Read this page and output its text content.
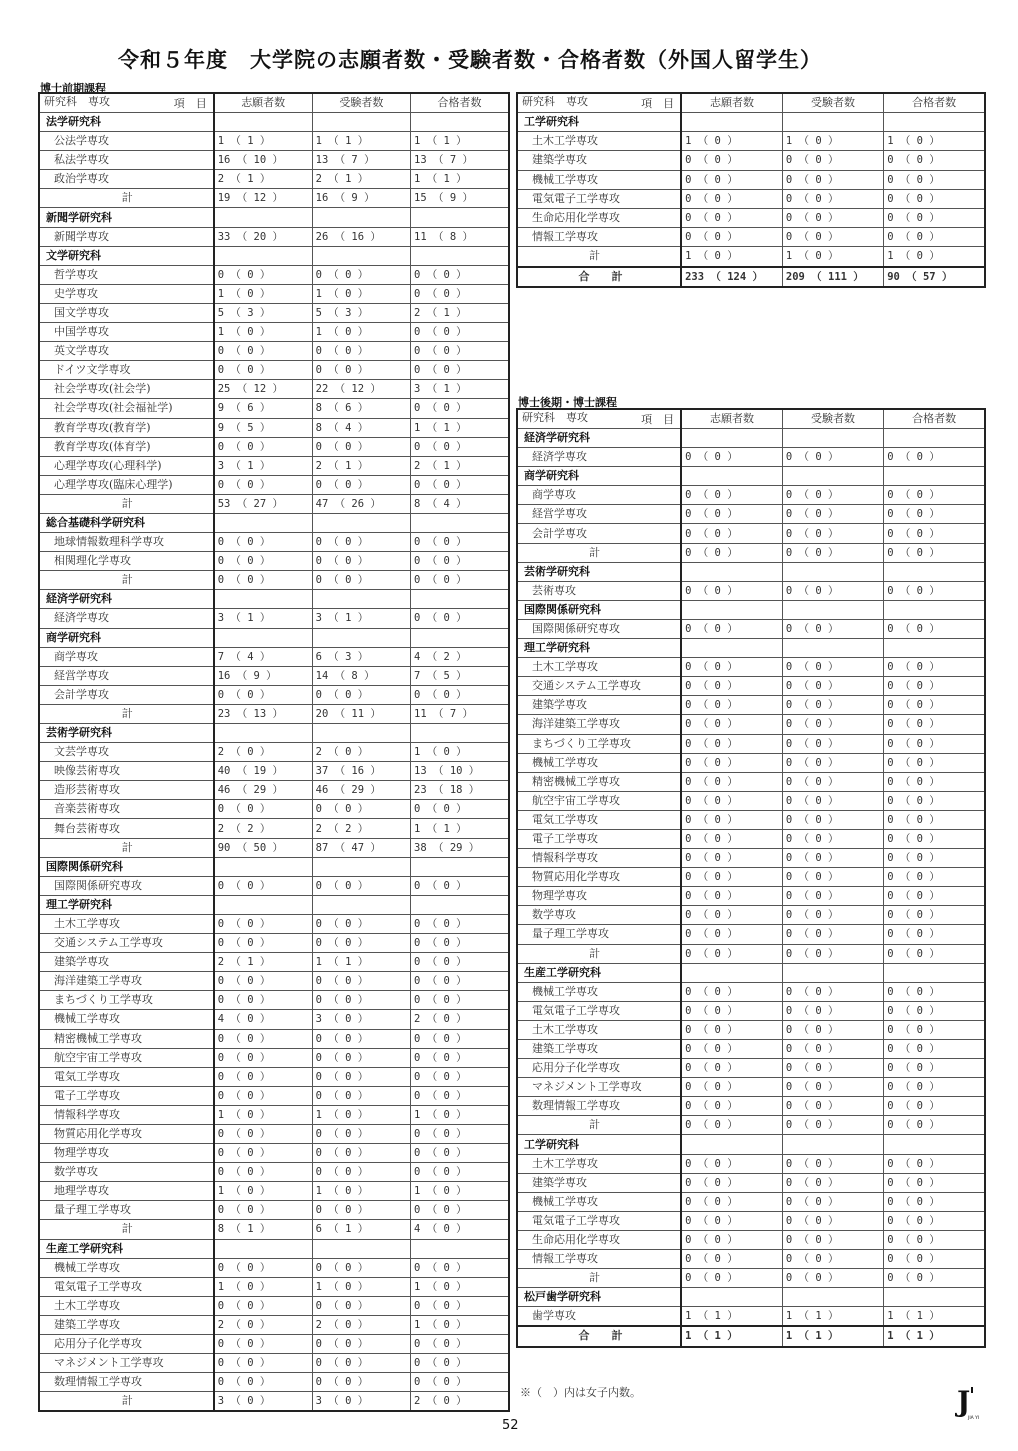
令和５年度　大学院の志願者数・受験者数・合格者数（外国人留学生）
博士前期課程
項　目
研究科　専攻	志願者数	受験者数	合格者数
法学研究科			
公法学専攻	1 （ 1 ）	1 （ 1 ）	1 （ 1 ）
私法学専攻	16 （ 10 ）	13 （ 7 ）	13 （ 7 ）
政治学専攻	2 （ 1 ）	2 （ 1 ）	1 （ 1 ）
計	19 （ 12 ）	16 （ 9 ）	15 （ 9 ）
新聞学研究科			
新聞学専攻	33 （ 20 ）	26 （ 16 ）	11 （ 8 ）
文学研究科			
哲学専攻	0 （ 0 ）	0 （ 0 ）	0 （ 0 ）
史学専攻	1 （ 0 ）	1 （ 0 ）	0 （ 0 ）
国文学専攻	5 （ 3 ）	5 （ 3 ）	2 （ 1 ）
中国学専攻	1 （ 0 ）	1 （ 0 ）	0 （ 0 ）
英文学専攻	0 （ 0 ）	0 （ 0 ）	0 （ 0 ）
ドイツ文学専攻	0 （ 0 ）	0 （ 0 ）	0 （ 0 ）
社会学専攻(社会学)	25 （ 12 ）	22 （ 12 ）	3 （ 1 ）
社会学専攻(社会福祉学)	9 （ 6 ）	8 （ 6 ）	0 （ 0 ）
教育学専攻(教育学)	9 （ 5 ）	8 （ 4 ）	1 （ 1 ）
教育学専攻(体育学)	0 （ 0 ）	0 （ 0 ）	0 （ 0 ）
心理学専攻(心理科学)	3 （ 1 ）	2 （ 1 ）	2 （ 1 ）
心理学専攻(臨床心理学)	0 （ 0 ）	0 （ 0 ）	0 （ 0 ）
計	53 （ 27 ）	47 （ 26 ）	8 （ 4 ）
総合基礎科学研究科			
地球情報数理科学専攻	0 （ 0 ）	0 （ 0 ）	0 （ 0 ）
相関理化学専攻	0 （ 0 ）	0 （ 0 ）	0 （ 0 ）
計	0 （ 0 ）	0 （ 0 ）	0 （ 0 ）
経済学研究科			
経済学専攻	3 （ 1 ）	3 （ 1 ）	0 （ 0 ）
商学研究科			
商学専攻	7 （ 4 ）	6 （ 3 ）	4 （ 2 ）
経営学専攻	16 （ 9 ）	14 （ 8 ）	7 （ 5 ）
会計学専攻	0 （ 0 ）	0 （ 0 ）	0 （ 0 ）
計	23 （ 13 ）	20 （ 11 ）	11 （ 7 ）
芸術学研究科			
文芸学専攻	2 （ 0 ）	2 （ 0 ）	1 （ 0 ）
映像芸術専攻	40 （ 19 ）	37 （ 16 ）	13 （ 10 ）
造形芸術専攻	46 （ 29 ）	46 （ 29 ）	23 （ 18 ）
音楽芸術専攻	0 （ 0 ）	0 （ 0 ）	0 （ 0 ）
舞台芸術専攻	2 （ 2 ）	2 （ 2 ）	1 （ 1 ）
計	90 （ 50 ）	87 （ 47 ）	38 （ 29 ）
国際関係研究科			
国際関係研究専攻	0 （ 0 ）	0 （ 0 ）	0 （ 0 ）
理工学研究科			
土木工学専攻	0 （ 0 ）	0 （ 0 ）	0 （ 0 ）
交通システム工学専攻	0 （ 0 ）	0 （ 0 ）	0 （ 0 ）
建築学専攻	2 （ 1 ）	1 （ 1 ）	0 （ 0 ）
海洋建築工学専攻	0 （ 0 ）	0 （ 0 ）	0 （ 0 ）
まちづくり工学専攻	0 （ 0 ）	0 （ 0 ）	0 （ 0 ）
機械工学専攻	4 （ 0 ）	3 （ 0 ）	2 （ 0 ）
精密機械工学専攻	0 （ 0 ）	0 （ 0 ）	0 （ 0 ）
航空宇宙工学専攻	0 （ 0 ）	0 （ 0 ）	0 （ 0 ）
電気工学専攻	0 （ 0 ）	0 （ 0 ）	0 （ 0 ）
電子工学専攻	0 （ 0 ）	0 （ 0 ）	0 （ 0 ）
情報科学専攻	1 （ 0 ）	1 （ 0 ）	1 （ 0 ）
物質応用化学専攻	0 （ 0 ）	0 （ 0 ）	0 （ 0 ）
物理学専攻	0 （ 0 ）	0 （ 0 ）	0 （ 0 ）
数学専攻	0 （ 0 ）	0 （ 0 ）	0 （ 0 ）
地理学専攻	1 （ 0 ）	1 （ 0 ）	1 （ 0 ）
量子理工学専攻	0 （ 0 ）	0 （ 0 ）	0 （ 0 ）
計	8 （ 1 ）	6 （ 1 ）	4 （ 0 ）
生産工学研究科			
機械工学専攻	0 （ 0 ）	0 （ 0 ）	0 （ 0 ）
電気電子工学専攻	1 （ 0 ）	1 （ 0 ）	1 （ 0 ）
土木工学専攻	0 （ 0 ）	0 （ 0 ）	0 （ 0 ）
建築工学専攻	2 （ 0 ）	2 （ 0 ）	1 （ 0 ）
応用分子化学専攻	0 （ 0 ）	0 （ 0 ）	0 （ 0 ）
マネジメント工学専攻	0 （ 0 ）	0 （ 0 ）	0 （ 0 ）
数理情報工学専攻	0 （ 0 ）	0 （ 0 ）	0 （ 0 ）
計	3 （ 0 ）	3 （ 0 ）	2 （ 0 ）
項　目
研究科　専攻	志願者数	受験者数	合格者数
工学研究科			
土木工学専攻	1 （ 0 ）	1 （ 0 ）	1 （ 0 ）
建築学専攻	0 （ 0 ）	0 （ 0 ）	0 （ 0 ）
機械工学専攻	0 （ 0 ）	0 （ 0 ）	0 （ 0 ）
電気電子工学専攻	0 （ 0 ）	0 （ 0 ）	0 （ 0 ）
生命応用化学専攻	0 （ 0 ）	0 （ 0 ）	0 （ 0 ）
情報工学専攻	0 （ 0 ）	0 （ 0 ）	0 （ 0 ）
計	1 （ 0 ）	1 （ 0 ）	1 （ 0 ）
合　　計	233 （ 124 ）	209 （ 111 ）	90 （ 57 ）
博士後期・博士課程
項　目
研究科　専攻	志願者数	受験者数	合格者数
経済学研究科			
経済学専攻	0 （ 0 ）	0 （ 0 ）	0 （ 0 ）
商学研究科			
商学専攻	0 （ 0 ）	0 （ 0 ）	0 （ 0 ）
経営学専攻	0 （ 0 ）	0 （ 0 ）	0 （ 0 ）
会計学専攻	0 （ 0 ）	0 （ 0 ）	0 （ 0 ）
計	0 （ 0 ）	0 （ 0 ）	0 （ 0 ）
芸術学研究科			
芸術専攻	0 （ 0 ）	0 （ 0 ）	0 （ 0 ）
国際関係研究科			
国際関係研究専攻	0 （ 0 ）	0 （ 0 ）	0 （ 0 ）
理工学研究科			
土木工学専攻	0 （ 0 ）	0 （ 0 ）	0 （ 0 ）
交通システム工学専攻	0 （ 0 ）	0 （ 0 ）	0 （ 0 ）
建築学専攻	0 （ 0 ）	0 （ 0 ）	0 （ 0 ）
海洋建築工学専攻	0 （ 0 ）	0 （ 0 ）	0 （ 0 ）
まちづくり工学専攻	0 （ 0 ）	0 （ 0 ）	0 （ 0 ）
機械工学専攻	0 （ 0 ）	0 （ 0 ）	0 （ 0 ）
精密機械工学専攻	0 （ 0 ）	0 （ 0 ）	0 （ 0 ）
航空宇宙工学専攻	0 （ 0 ）	0 （ 0 ）	0 （ 0 ）
電気工学専攻	0 （ 0 ）	0 （ 0 ）	0 （ 0 ）
電子工学専攻	0 （ 0 ）	0 （ 0 ）	0 （ 0 ）
情報科学専攻	0 （ 0 ）	0 （ 0 ）	0 （ 0 ）
物質応用化学専攻	0 （ 0 ）	0 （ 0 ）	0 （ 0 ）
物理学専攻	0 （ 0 ）	0 （ 0 ）	0 （ 0 ）
数学専攻	0 （ 0 ）	0 （ 0 ）	0 （ 0 ）
量子理工学専攻	0 （ 0 ）	0 （ 0 ）	0 （ 0 ）
計	0 （ 0 ）	0 （ 0 ）	0 （ 0 ）
生産工学研究科			
機械工学専攻	0 （ 0 ）	0 （ 0 ）	0 （ 0 ）
電気電子工学専攻	0 （ 0 ）	0 （ 0 ）	0 （ 0 ）
土木工学専攻	0 （ 0 ）	0 （ 0 ）	0 （ 0 ）
建築工学専攻	0 （ 0 ）	0 （ 0 ）	0 （ 0 ）
応用分子化学専攻	0 （ 0 ）	0 （ 0 ）	0 （ 0 ）
マネジメント工学専攻	0 （ 0 ）	0 （ 0 ）	0 （ 0 ）
数理情報工学専攻	0 （ 0 ）	0 （ 0 ）	0 （ 0 ）
計	0 （ 0 ）	0 （ 0 ）	0 （ 0 ）
工学研究科			
土木工学専攻	0 （ 0 ）	0 （ 0 ）	0 （ 0 ）
建築学専攻	0 （ 0 ）	0 （ 0 ）	0 （ 0 ）
機械工学専攻	0 （ 0 ）	0 （ 0 ）	0 （ 0 ）
電気電子工学専攻	0 （ 0 ）	0 （ 0 ）	0 （ 0 ）
生命応用化学専攻	0 （ 0 ）	0 （ 0 ）	0 （ 0 ）
情報工学専攻	0 （ 0 ）	0 （ 0 ）	0 （ 0 ）
計	0 （ 0 ）	0 （ 0 ）	0 （ 0 ）
松戸歯学研究科			
歯学専攻	1 （ 1 ）	1 （ 1 ）	1 （ 1 ）
合　　計	1 （ 1 ）	1 （ 1 ）	1 （ 1 ）
※（　）内は女子内数。
52
J
JIA YI
